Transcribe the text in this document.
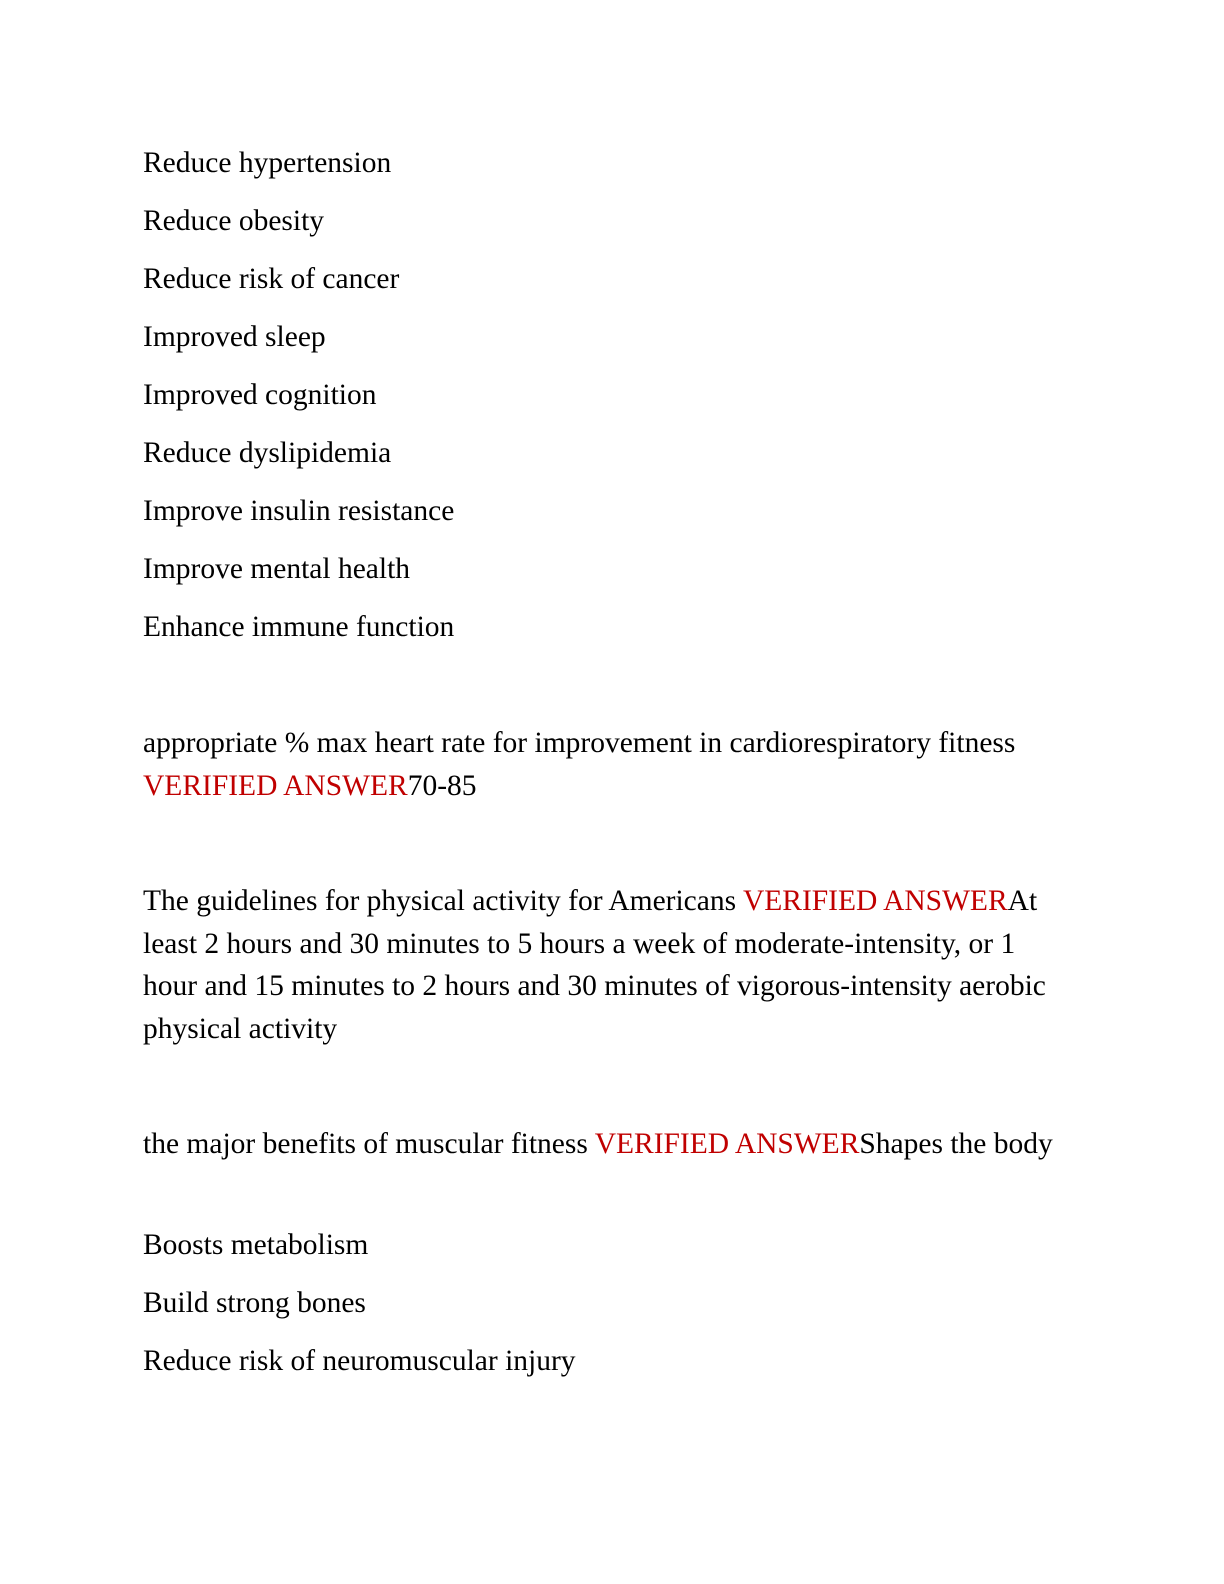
Reduce hypertension
Reduce obesity
Reduce risk of cancer
Improved sleep
Improved cognition
Reduce dyslipidemia
Improve insulin resistance
Improve mental health
Enhance immune function
appropriate % max heart rate for improvement in cardiorespiratory fitness VERIFIED ANSWER70-85
The guidelines for physical activity for Americans VERIFIED ANSWERAt least 2 hours and 30 minutes to 5 hours a week of moderate-intensity, or 1 hour and 15 minutes to 2 hours and 30 minutes of vigorous-intensity aerobic physical activity
the major benefits of muscular fitness VERIFIED ANSWERShapes the body
Boosts metabolism
Build strong bones
Reduce risk of neuromuscular injury
